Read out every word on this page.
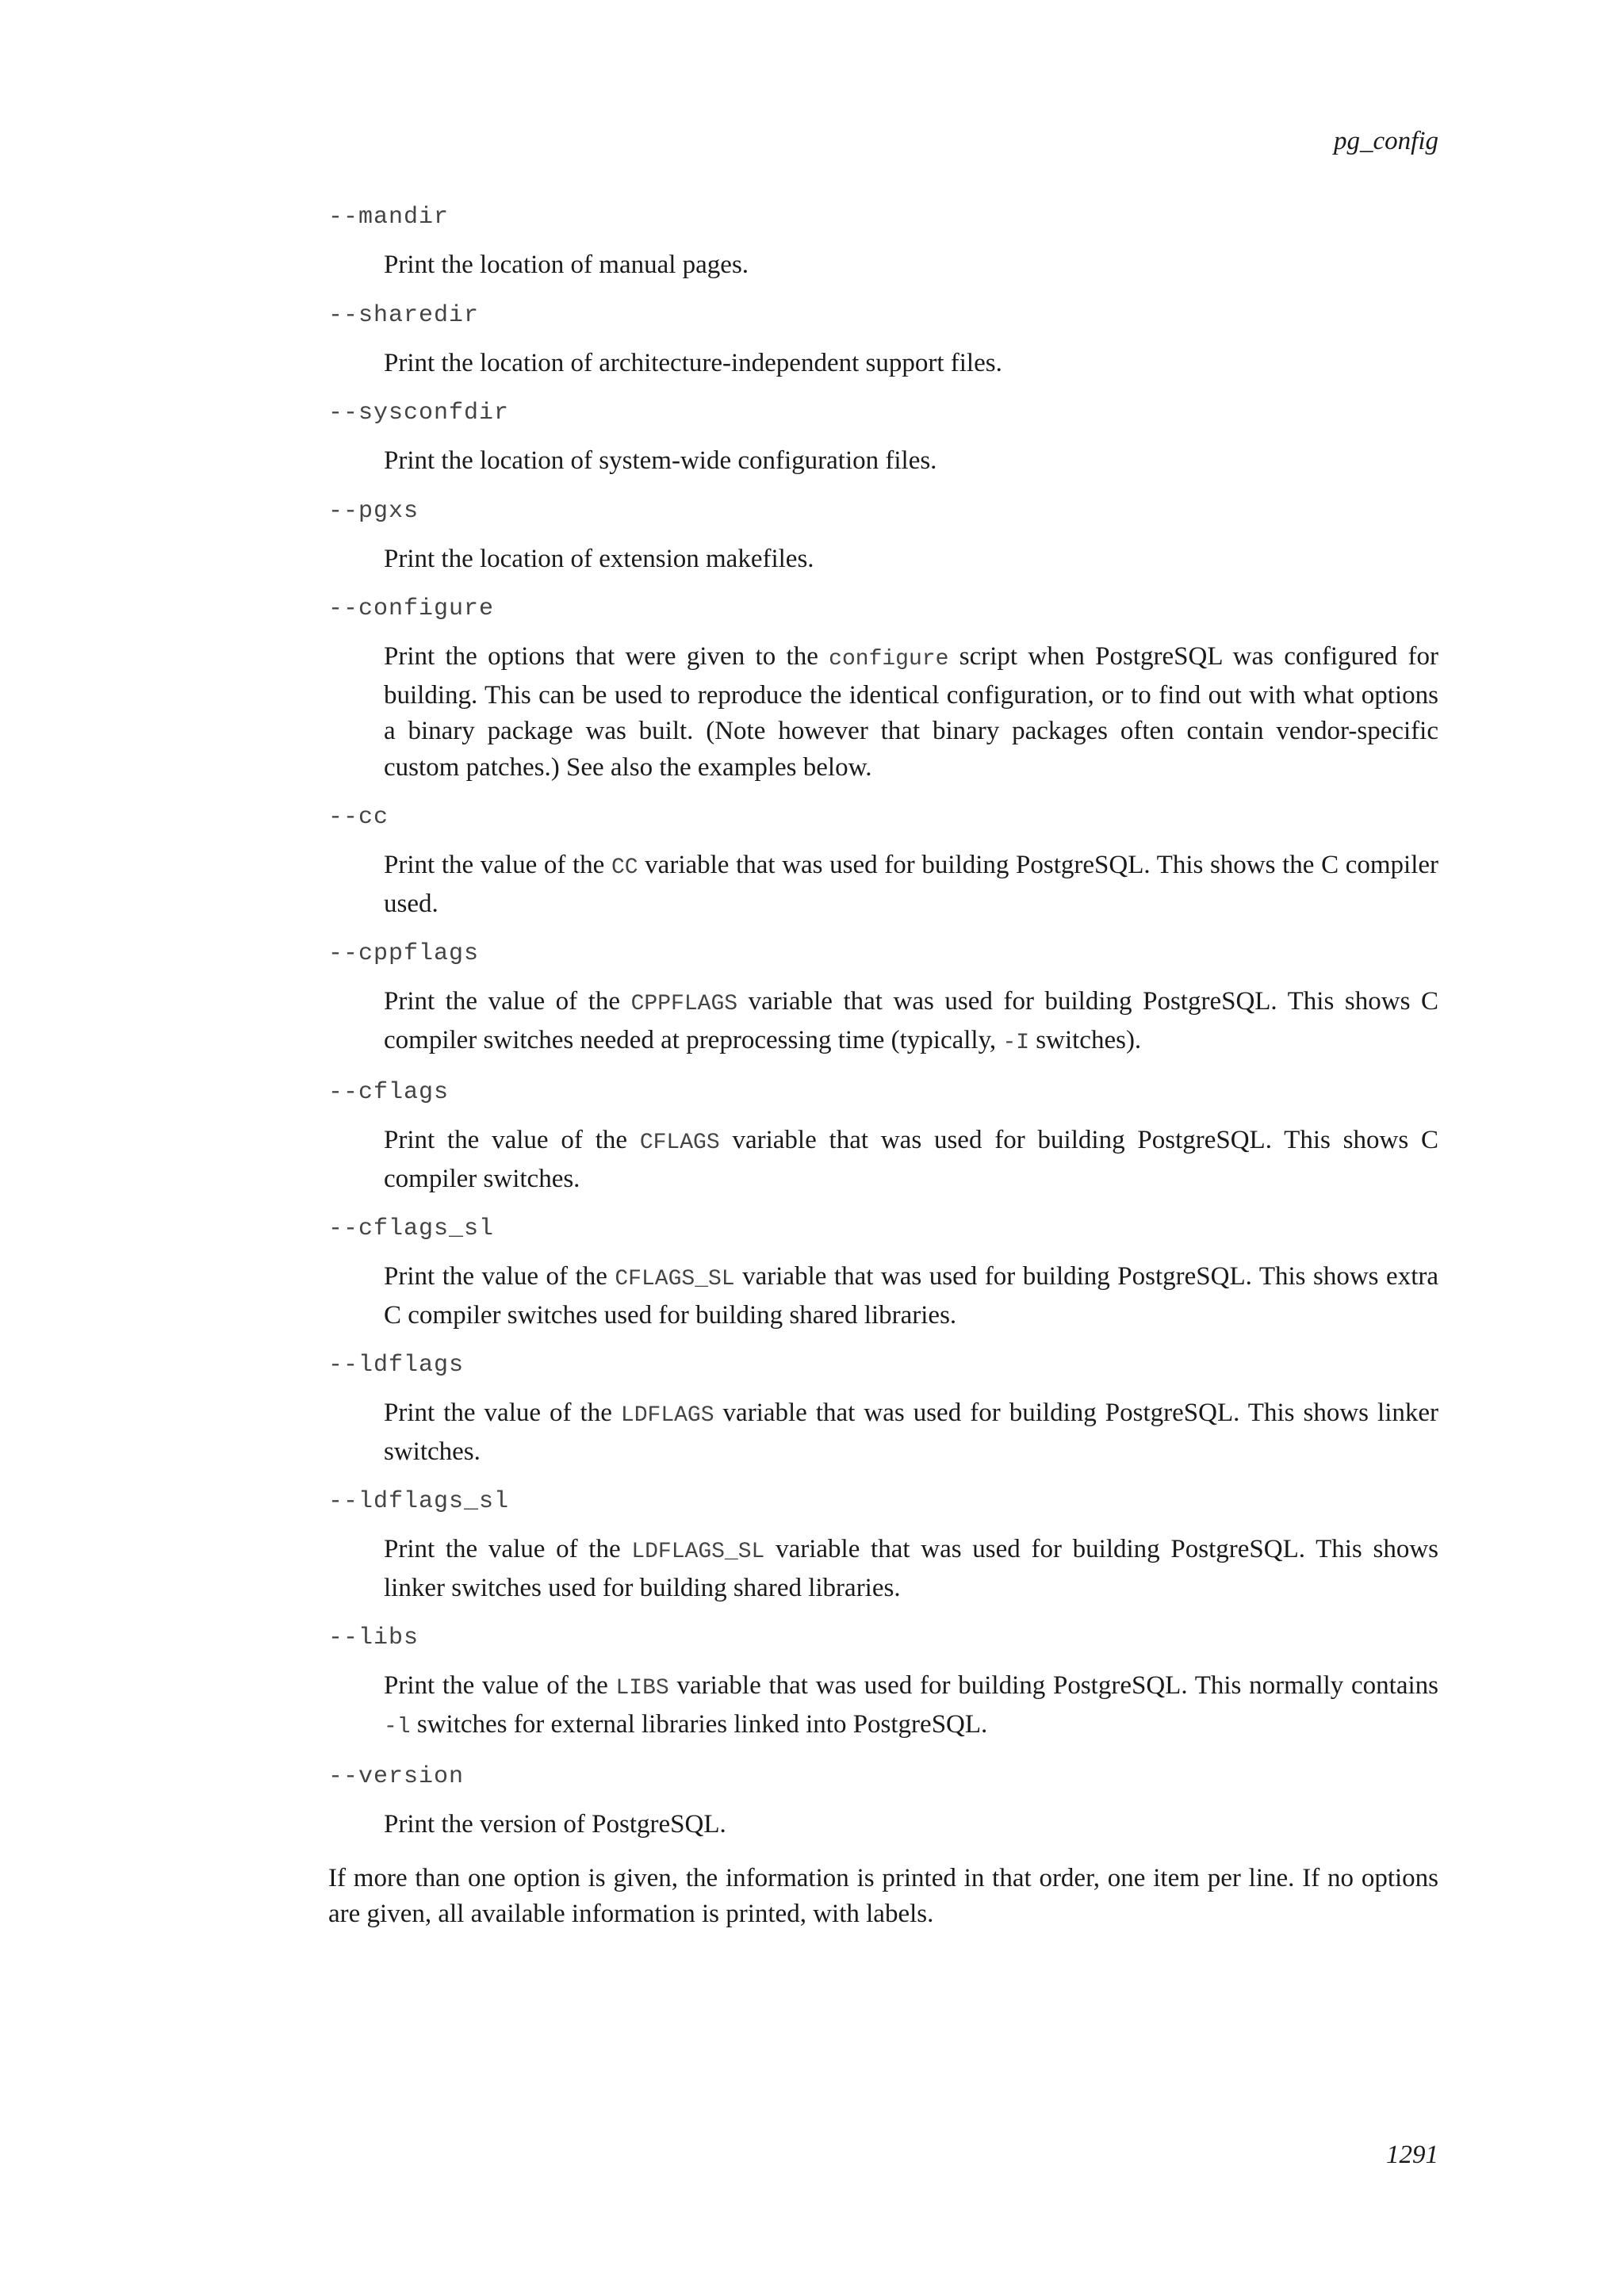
pg_config
--mandir

Print the location of manual pages.

--sharedir

Print the location of architecture-independent support files.

--sysconfdir

Print the location of system-wide configuration files.

--pgxs

Print the location of extension makefiles.

--configure

Print the options that were given to the configure script when PostgreSQL was configured for building. This can be used to reproduce the identical configuration, or to find out with what options a binary package was built. (Note however that binary packages often contain vendor-specific custom patches.) See also the examples below.

--cc

Print the value of the CC variable that was used for building PostgreSQL. This shows the C compiler used.

--cppflags

Print the value of the CPPFLAGS variable that was used for building PostgreSQL. This shows C compiler switches needed at preprocessing time (typically, -I switches).

--cflags

Print the value of the CFLAGS variable that was used for building PostgreSQL. This shows C compiler switches.

--cflags_sl

Print the value of the CFLAGS_SL variable that was used for building PostgreSQL. This shows extra C compiler switches used for building shared libraries.

--ldflags

Print the value of the LDFLAGS variable that was used for building PostgreSQL. This shows linker switches.

--ldflags_sl

Print the value of the LDFLAGS_SL variable that was used for building PostgreSQL. This shows linker switches used for building shared libraries.

--libs

Print the value of the LIBS variable that was used for building PostgreSQL. This normally contains -l switches for external libraries linked into PostgreSQL.

--version

Print the version of PostgreSQL.

If more than one option is given, the information is printed in that order, one item per line. If no options are given, all available information is printed, with labels.

1291
